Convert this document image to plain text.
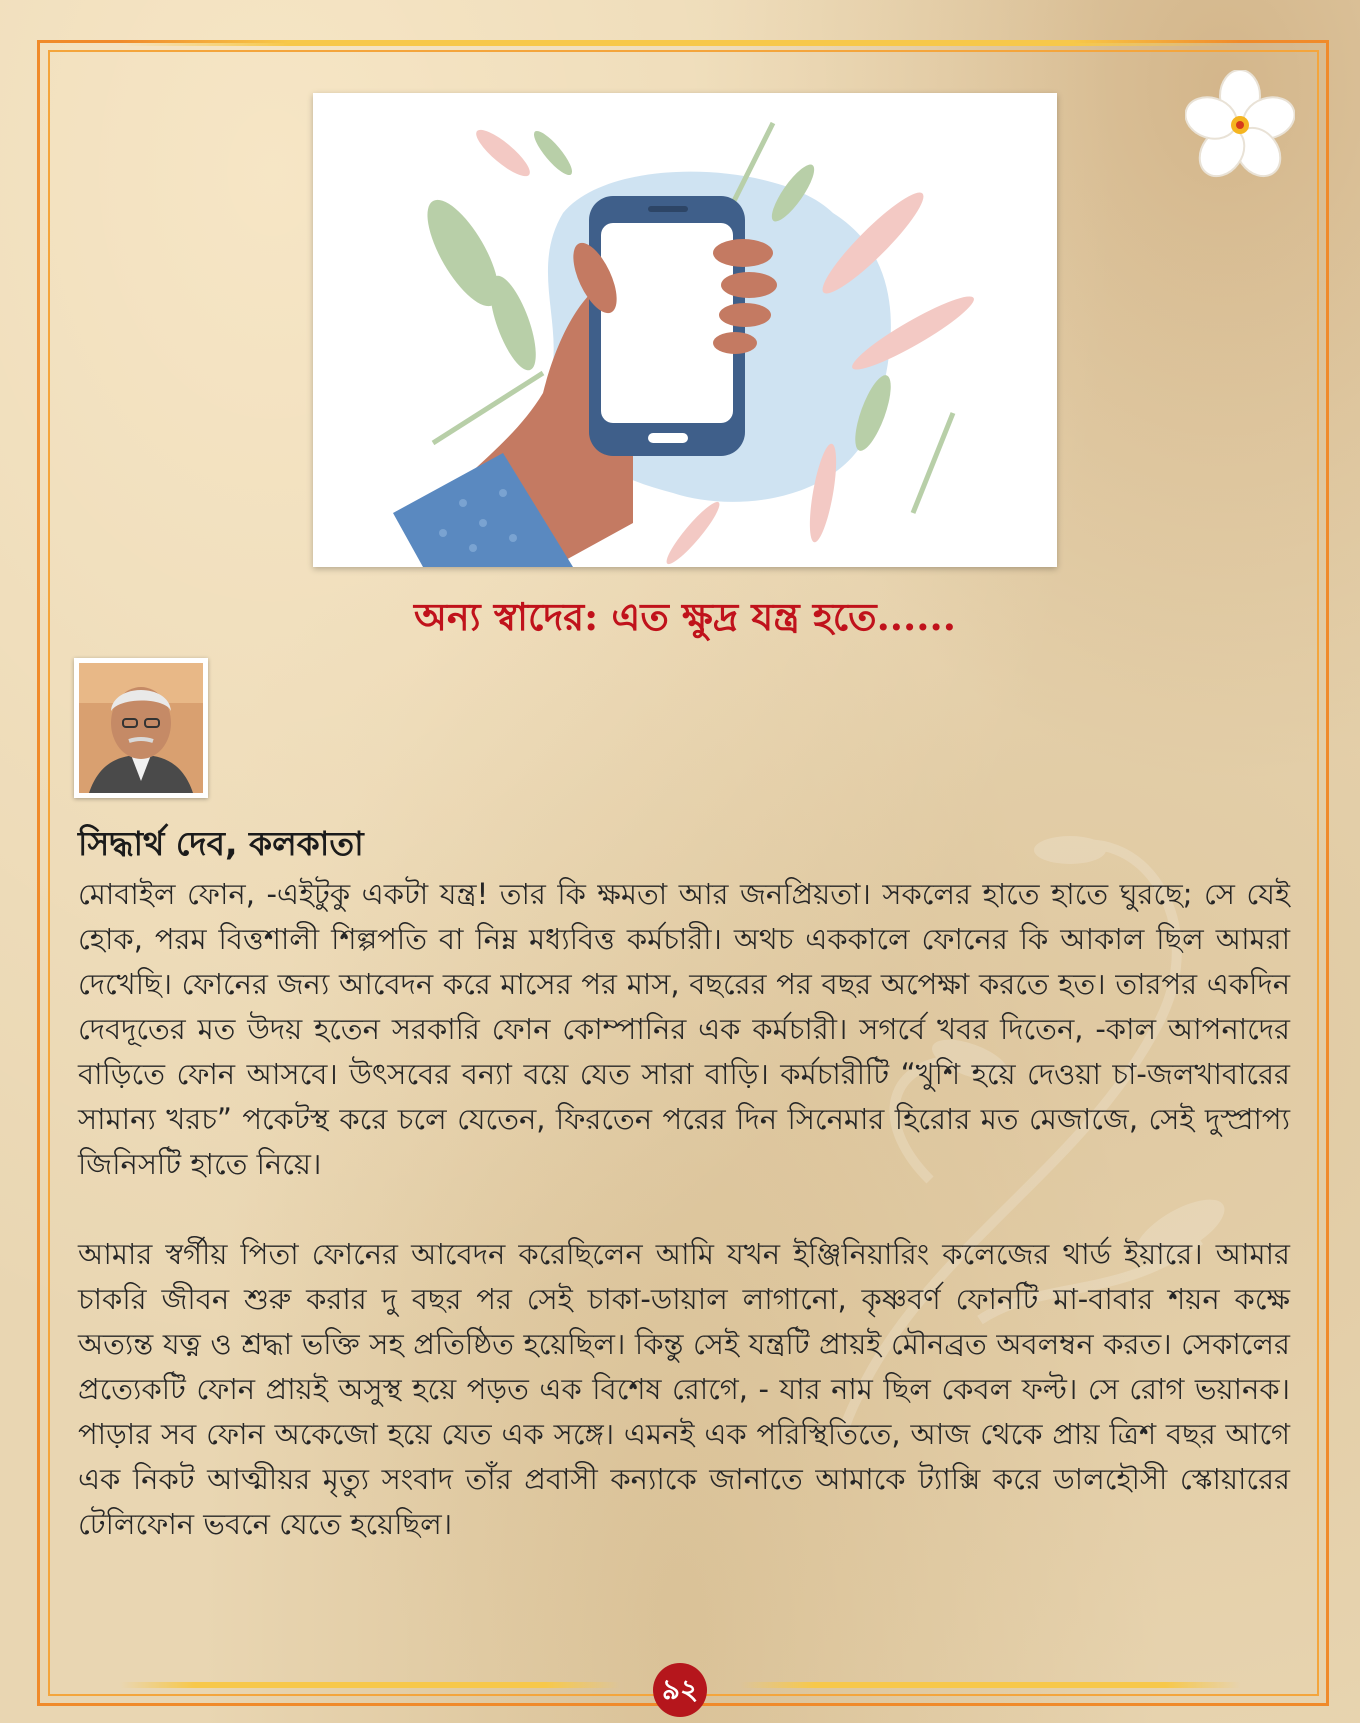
অন্য স্বাদের: এত ক্ষুদ্র যন্ত্র হতে......
সিদ্ধার্থ দেব, কলকাতা

মোবাইল ফোন, -এইটুকু একটা যন্ত্র! তার কি ক্ষমতা আর জনপ্রিয়তা। সকলের হাতে হাতে ঘুরছে; সে যেই হোক, পরম বিত্তশালী শিল্পপতি বা নিম্ন মধ্যবিত্ত কর্মচারী। অথচ এককালে ফোনের কি আকাল ছিল আমরা দেখেছি। ফোনের জন্য আবেদন করে মাসের পর মাস, বছরের পর বছর অপেক্ষা করতে হত। তারপর একদিন দেবদূতের মত উদয় হতেন সরকারি ফোন কোম্পানির এক কর্মচারী। সগর্বে খবর দিতেন, -কাল আপনাদের বাড়িতে ফোন আসবে। উৎসবের বন্যা বয়ে যেত সারা বাড়ি। কর্মচারীটি “খুশি হয়ে দেওয়া চা-জলখাবারের সামান্য খরচ” পকেটস্থ করে চলে যেতেন, ফিরতেন পরের দিন সিনেমার হিরোর মত মেজাজে, সেই দুস্প্রাপ্য জিনিসটি হাতে নিয়ে।

আমার স্বর্গীয় পিতা ফোনের আবেদন করেছিলেন আমি যখন ইঞ্জিনিয়ারিং কলেজের থার্ড ইয়ারে। আমার চাকরি জীবন শুরু করার দু বছর পর সেই চাকা-ডায়াল লাগানো, কৃষ্ণবর্ণ ফোনটি মা-বাবার শয়ন কক্ষে অত্যন্ত যত্ন ও শ্রদ্ধা ভক্তি সহ প্রতিষ্ঠিত হয়েছিল। কিন্তু সেই যন্ত্রটি প্রায়ই মৌনব্রত অবলম্বন করত। সেকালের প্রত্যেকটি ফোন প্রায়ই অসুস্থ হয়ে পড়ত এক বিশেষ রোগে, - যার নাম ছিল কেবল ফল্ট। সে রোগ ভয়ানক। পাড়ার সব ফোন অকেজো হয়ে যেত এক সঙ্গে। এমনই এক পরিস্থিতিতে, আজ থেকে প্রায় ত্রিশ বছর আগে এক নিকট আত্মীয়র মৃত্যু সংবাদ তাঁর প্রবাসী কন্যাকে জানাতে আমাকে ট্যাক্সি করে ডালহৌসী স্কোয়ারের টেলিফোন ভবনে যেতে হয়েছিল।

৯২
